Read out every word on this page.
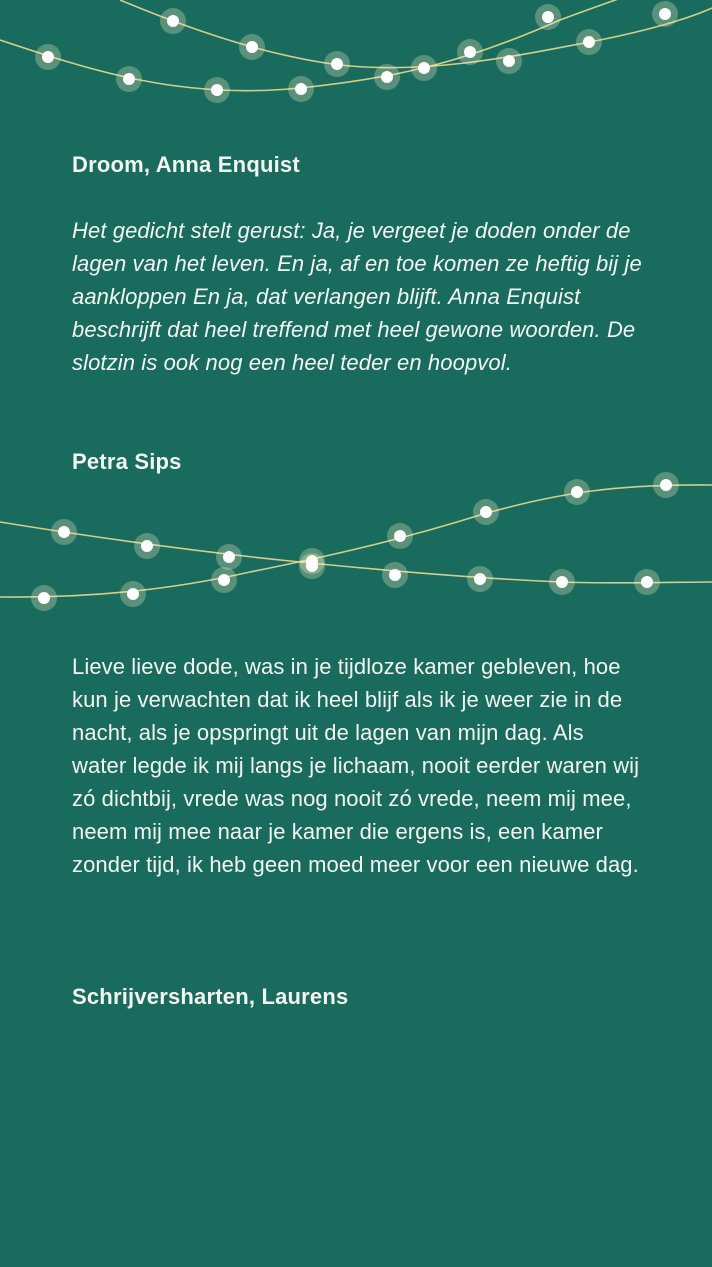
Droom, Anna Enquist

Het gedicht stelt gerust: Ja, je vergeet je doden onder de lagen van het leven. En ja, af en toe komen ze heftig bij je aankloppen En ja, dat verlangen blijft. Anna Enquist beschrijft dat heel treffend met heel gewone woorden. De slotzin is ook nog een heel teder en hoopvol.

Petra Sips

Lieve lieve dode, was in je tijdloze kamer gebleven, hoe kun je verwachten dat ik heel blijf als ik je weer zie in de nacht, als je opspringt uit de lagen van mijn dag. Als water legde ik mij langs je lichaam, nooit eerder waren wij zó dichtbij, vrede was nog nooit zó vrede, neem mij mee, neem mij mee naar je kamer die ergens is, een kamer zonder tijd, ik heb geen moed meer voor een nieuwe dag.

Schrijversharten, Laurens
